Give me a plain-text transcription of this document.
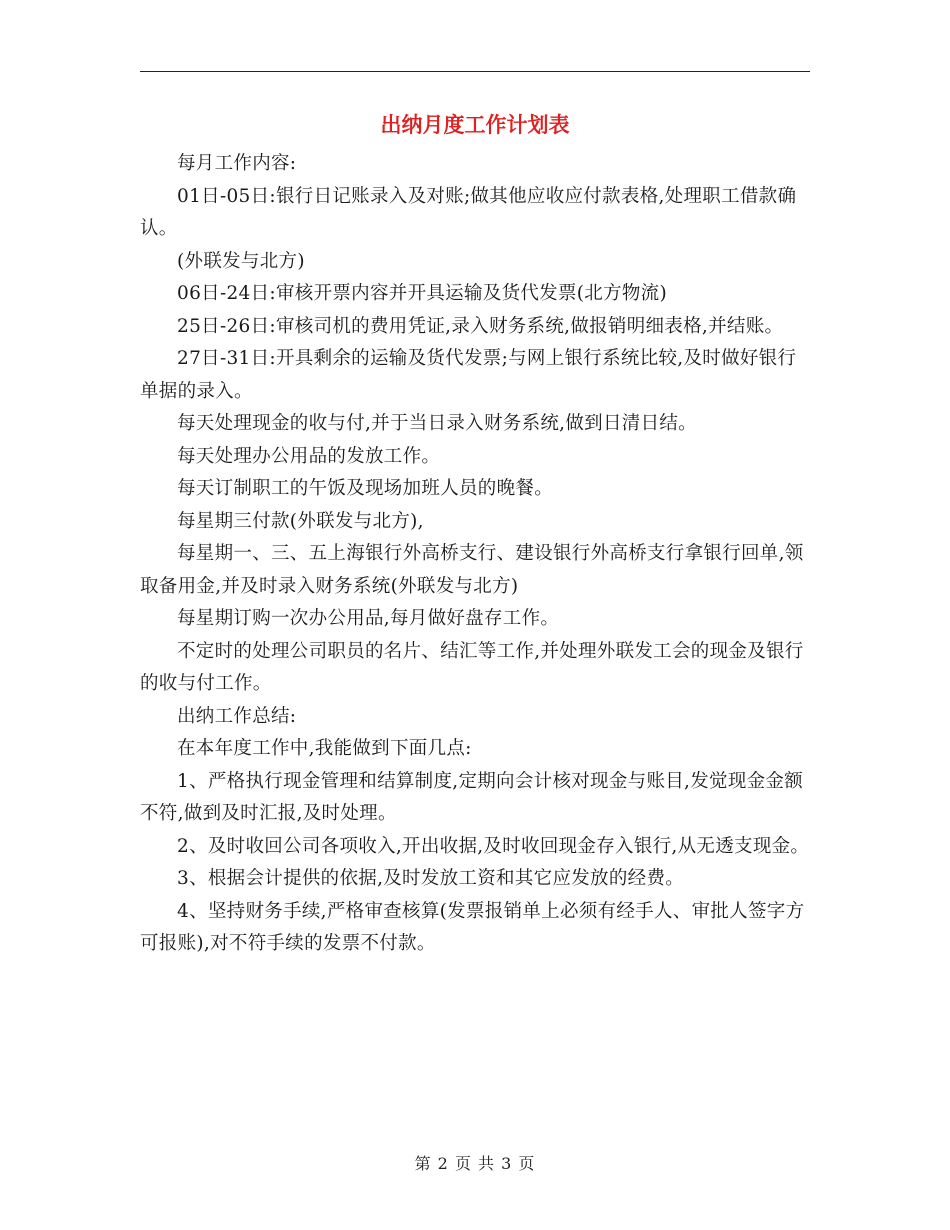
出纳月度工作计划表

每月工作内容:

01日-05日:银行日记账录入及对账;做其他应收应付款表格,处理职工借款确认。

(外联发与北方)

06日-24日:审核开票内容并开具运输及货代发票(北方物流)

25日-26日:审核司机的费用凭证,录入财务系统,做报销明细表格,并结账。

27日-31日:开具剩余的运输及货代发票;与网上银行系统比较,及时做好银行单据的录入。

每天处理现金的收与付,并于当日录入财务系统,做到日清日结。

每天处理办公用品的发放工作。

每天订制职工的午饭及现场加班人员的晚餐。

每星期三付款(外联发与北方),

每星期一、三、五上海银行外高桥支行、建设银行外高桥支行拿银行回单,领取备用金,并及时录入财务系统(外联发与北方)

每星期订购一次办公用品,每月做好盘存工作。

不定时的处理公司职员的名片、结汇等工作,并处理外联发工会的现金及银行的收与付工作。

出纳工作总结:

在本年度工作中,我能做到下面几点:

1、严格执行现金管理和结算制度,定期向会计核对现金与账目,发觉现金金额不符,做到及时汇报,及时处理。

2、及时收回公司各项收入,开出收据,及时收回现金存入银行,从无透支现金。

3、根据会计提供的依据,及时发放工资和其它应发放的经费。

4、坚持财务手续,严格审查核算(发票报销单上必须有经手人、审批人签字方可报账),对不符手续的发票不付款。

第 2 页 共 3 页
